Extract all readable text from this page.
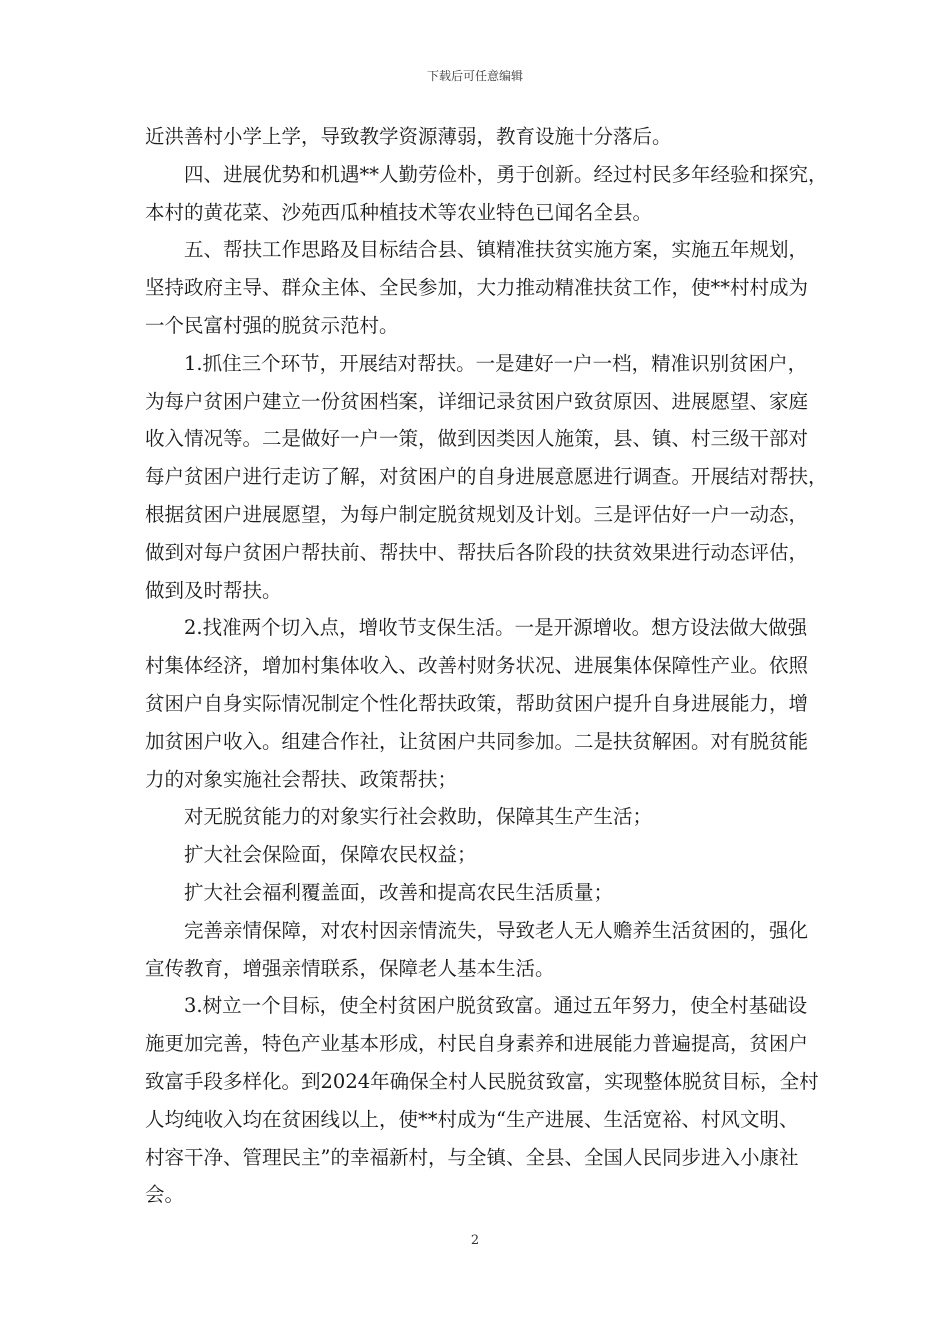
下载后可任意编辑
近洪善村小学上学，导致教学资源薄弱，教育设施十分落后。
四、进展优势和机遇**人勤劳俭朴，勇于创新。经过村民多年经验和探究，
本村的黄花菜、沙苑西瓜种植技术等农业特色已闻名全县。
五、帮扶工作思路及目标结合县、镇精准扶贫实施方案，实施五年规划，
坚持政府主导、群众主体、全民参加，大力推动精准扶贫工作，使**村村成为
一个民富村强的脱贫示范村。
1.抓住三个环节，开展结对帮扶。一是建好一户一档，精准识别贫困户，
为每户贫困户建立一份贫困档案，详细记录贫困户致贫原因、进展愿望、家庭
收入情况等。二是做好一户一策，做到因类因人施策，县、镇、村三级干部对
每户贫困户进行走访了解，对贫困户的自身进展意愿进行调查。开展结对帮扶，
根据贫困户进展愿望，为每户制定脱贫规划及计划。三是评估好一户一动态，
做到对每户贫困户帮扶前、帮扶中、帮扶后各阶段的扶贫效果进行动态评估，
做到及时帮扶。
2.找准两个切入点，增收节支保生活。一是开源增收。想方设法做大做强
村集体经济，增加村集体收入、改善村财务状况、进展集体保障性产业。依照
贫困户自身实际情况制定个性化帮扶政策，帮助贫困户提升自身进展能力，增
加贫困户收入。组建合作社，让贫困户共同参加。二是扶贫解困。对有脱贫能
力的对象实施社会帮扶、政策帮扶；
对无脱贫能力的对象实行社会救助，保障其生产生活；
扩大社会保险面，保障农民权益；
扩大社会福利覆盖面，改善和提高农民生活质量；
完善亲情保障，对农村因亲情流失，导致老人无人赡养生活贫困的，强化
宣传教育，增强亲情联系，保障老人基本生活。
3.树立一个目标，使全村贫困户脱贫致富。通过五年努力，使全村基础设
施更加完善，特色产业基本形成，村民自身素养和进展能力普遍提高，贫困户
致富手段多样化。到2024年确保全村人民脱贫致富，实现整体脱贫目标，全村
人均纯收入均在贫困线以上，使**村成为“生产进展、生活宽裕、村风文明、
村容干净、管理民主”的幸福新村，与全镇、全县、全国人民同步进入小康社
会。
2
